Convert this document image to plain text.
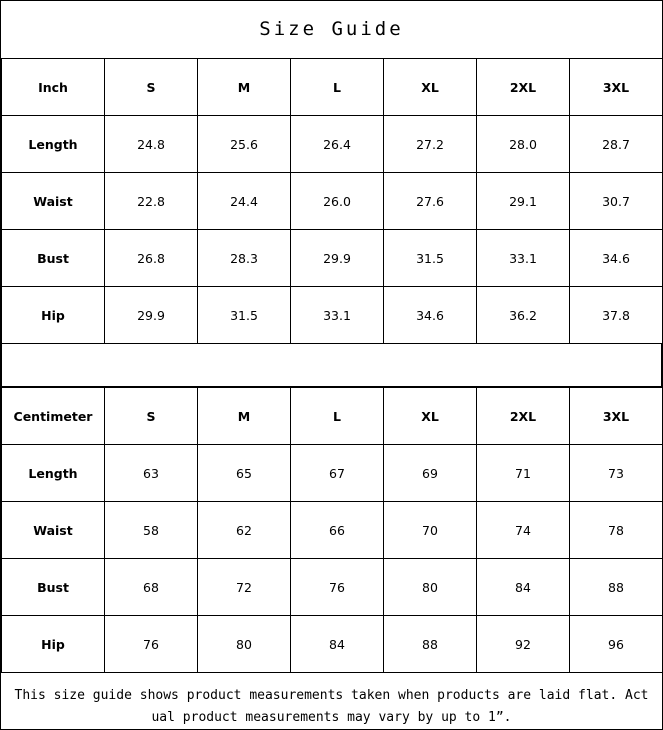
Size Guide
Inch	S	M	L	XL	2XL	3XL
Length	24.8	25.6	26.4	27.2	28.0	28.7
Waist	22.8	24.4	26.0	27.6	29.1	30.7
Bust	26.8	28.3	29.9	31.5	33.1	34.6
Hip	29.9	31.5	33.1	34.6	36.2	37.8
Centimeter	S	M	L	XL	2XL	3XL
Length	63	65	67	69	71	73
Waist	58	62	66	70	74	78
Bust	68	72	76	80	84	88
Hip	76	80	84	88	92	96
This size guide shows product measurements taken when products are laid flat. Actual product measurements may vary by up to 1”.
